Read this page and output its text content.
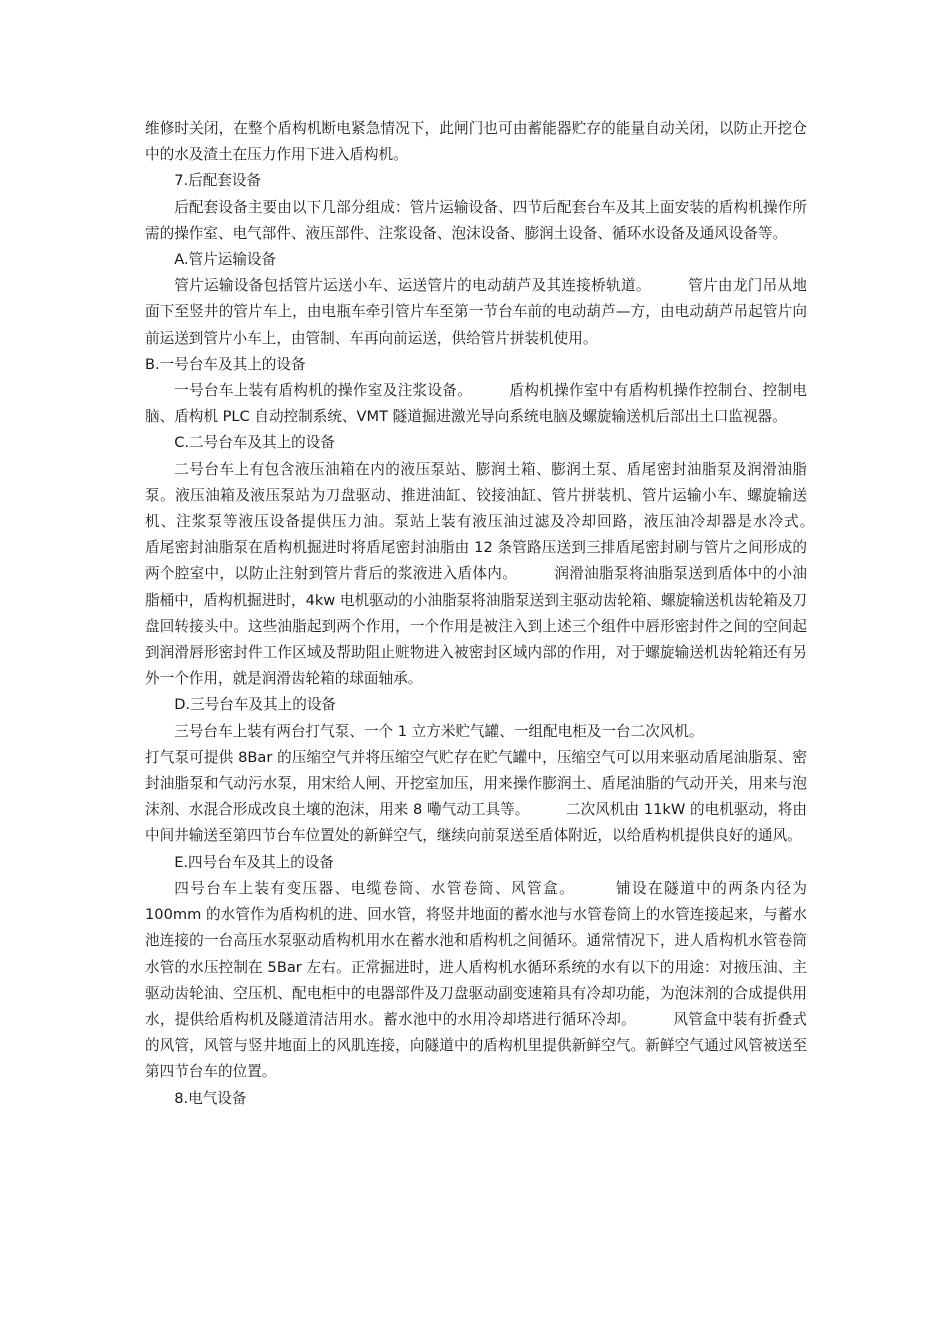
维修时关闭，在整个盾构机断电紧急情况下，此闸门也可由蓄能器贮存的能量自动关闭，以防止开挖仓中的水及渣土在压力作用下进入盾构机。

7.后配套设备

后配套设备主要由以下几部分组成：管片运输设备、四节后配套台车及其上面安装的盾构机操作所需的操作室、电气部件、液压部件、注浆设备、泡沫设备、膨润土设备、循环水设备及通风设备等。

A.管片运输设备

管片运输设备包括管片运送小车、运送管片的电动葫芦及其连接桥轨道。　　　管片由龙门吊从地面下至竖井的管片车上，由电瓶车牵引管片车至第一节台车前的电动葫芦—方，由电动葫芦吊起管片向前运送到管片小车上，由管制、车再向前运送，供给管片拼装机使用。

B.一号台车及其上的设备

一号台车上装有盾构机的操作室及注浆设备。　　　盾构机操作室中有盾构机操作控制台、控制电脑、盾构机 PLC 自动控制系统、VMT 隧道掘进激光导向系统电脑及螺旋输送机后部出土口监视器。

C.二号台车及其上的设备

二号台车上有包含液压油箱在内的液压泵站、膨润土箱、膨润土泵、盾尾密封油脂泵及润滑油脂泵。液压油箱及液压泵站为刀盘驱动、推进油缸、铰接油缸、管片拼装机、管片运输小车、螺旋输送机、注浆泵等液压设备提供压力油。泵站上装有液压油过滤及冷却回路，液压油冷却器是水冷式。　　　盾尾密封油脂泵在盾构机掘进时将盾尾密封油脂由 12 条管路压送到三排盾尾密封刷与管片之间形成的两个腔室中，以防止注射到管片背后的浆液进入盾体内。　　　润滑油脂泵将油脂泵送到盾体中的小油脂桶中，盾构机掘进时，4kw 电机驱动的小油脂泵将油脂泵送到主驱动齿轮箱、螺旋输送机齿轮箱及刀盘回转接头中。这些油脂起到两个作用，一个作用是被注入到上述三个组件中唇形密封件之间的空间起到润滑唇形密封件工作区域及帮助阻止赃物进入被密封区域内部的作用，对于螺旋输送机齿轮箱还有另外一个作用，就是润滑齿轮箱的球面轴承。

D.三号台车及其上的设备

三号台车上装有两台打气泵、一个 1 立方米贮气罐、一组配电柜及一台二次风机。

打气泵可提供 8Bar 的压缩空气并将压缩空气贮存在贮气罐中，压缩空气可以用来驱动盾尾油脂泵、密封油脂泵和气动污水泵，用宋给人闸、开挖室加压，用来操作膨润土、盾尾油脂的气动开关，用来与泡沫剂、水混合形成改良土壤的泡沫，用来 8 嘞气动工具等。　　　二次风机由 11kW 的电机驱动，将由中间井输送至第四节台车位置处的新鲜空气，继续向前泵送至盾体附近，以给盾构机提供良好的通风。

E.四号台车及其上的设备

四号台车上装有变压器、电缆卷筒、水管卷筒、风管盒。　　　铺设在隧道中的两条内径为 100mm 的水管作为盾构机的进、回水管，将竖井地面的蓄水池与水管卷筒上的水管连接起来，与蓄水池连接的一台高压水泵驱动盾构机用水在蓄水池和盾构机之间循环。通常情况下，进人盾构机水管卷筒水管的水压控制在 5Bar 左右。正常掘进时，进人盾构机水循环系统的水有以下的用途：对掖压油、主驱动齿轮油、空压机、配电柜中的电器部件及刀盘驱动副变速箱具有冷却功能，为泡沫剂的合成提供用水，提供给盾构机及隧道清洁用水。蓄水池中的水用冷却塔进行循环冷却。　　　风管盒中装有折叠式的风管，风管与竖井地面上的风肌连接，向隧道中的盾构机里提供新鲜空气。新鲜空气通过风管被送至第四节台车的位置。

8.电气设备
